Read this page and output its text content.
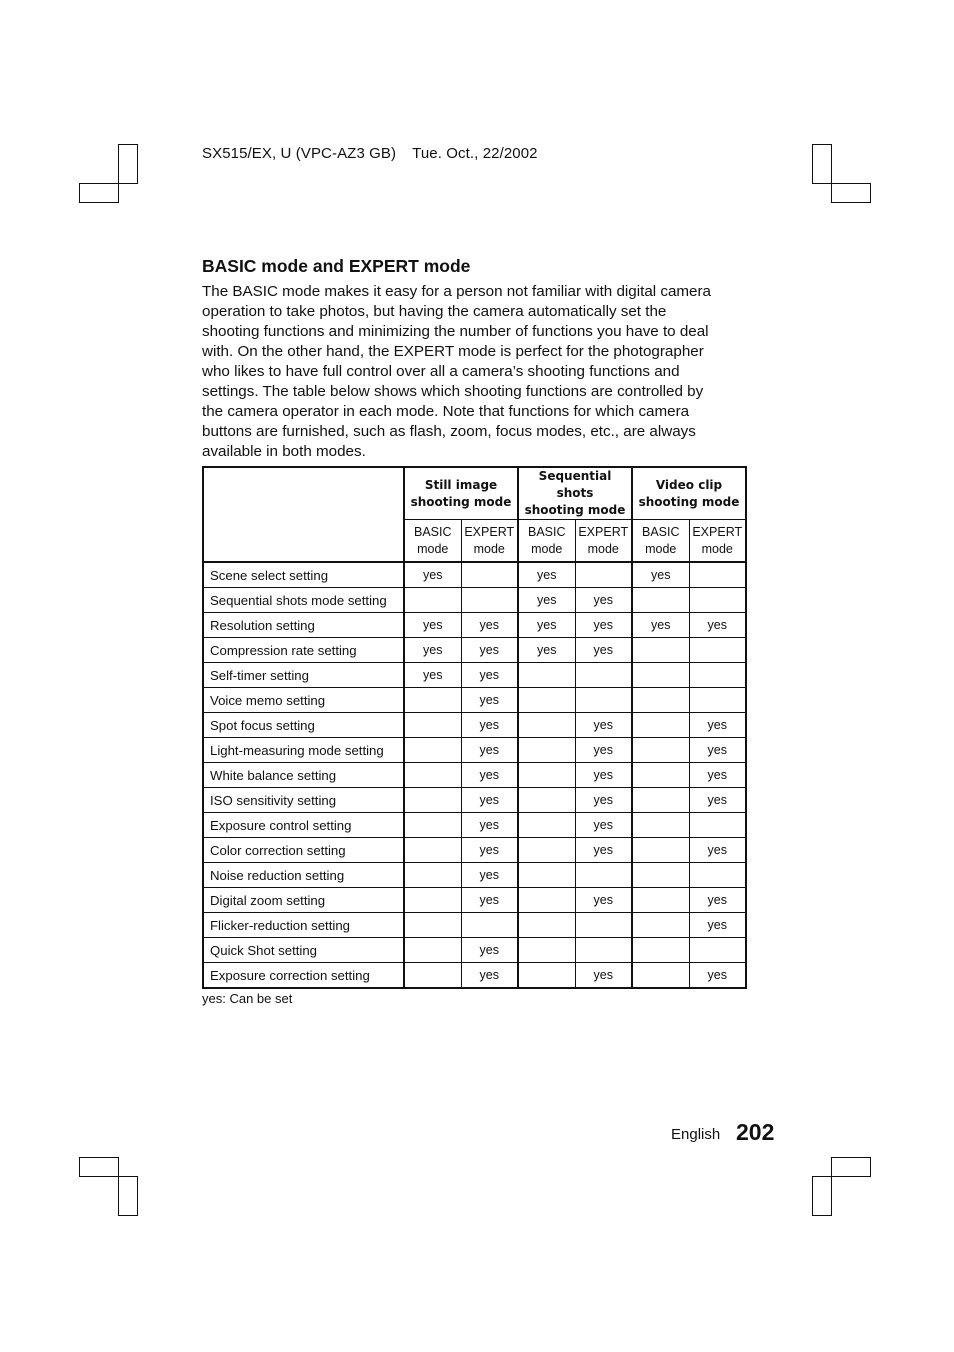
SX515/EX, U (VPC-AZ3 GB) Tue. Oct., 22/2002
BASIC mode and EXPERT mode

The BASIC mode makes it easy for a person not familiar with digital camera
operation to take photos, but having the camera automatically set the
shooting functions and minimizing the number of functions you have to deal
with. On the other hand, the EXPERT mode is perfect for the photographer
who likes to have full control over all a camera’s shooting functions and
settings. The table below shows which shooting functions are controlled by
the camera operator in each mode. Note that functions for which camera
buttons are furnished, such as flash, zoom, focus modes, etc., are always
available in both modes.

	Still image
shooting mode		Sequential shots
shooting mode		Video clip
shooting mode	
	BASIC
mode	EXPERT
mode	BASIC
mode	EXPERT
mode	BASIC
mode	EXPERT
mode
Scene select setting	yes		yes		yes	
Sequential shots mode setting			yes	yes		
Resolution setting	yes	yes	yes	yes	yes	yes
Compression rate setting	yes	yes	yes	yes		
Self-timer setting	yes	yes				
Voice memo setting		yes				
Spot focus setting		yes		yes		yes
Light-measuring mode setting		yes		yes		yes
White balance setting		yes		yes		yes
ISO sensitivity setting		yes		yes		yes
Exposure control setting		yes		yes		
Color correction setting		yes		yes		yes
Noise reduction setting		yes				
Digital zoom setting		yes		yes		yes
Flicker-reduction setting						yes
Quick Shot setting		yes				
Exposure correction setting		yes		yes		yes
yes: Can be set
English 202
